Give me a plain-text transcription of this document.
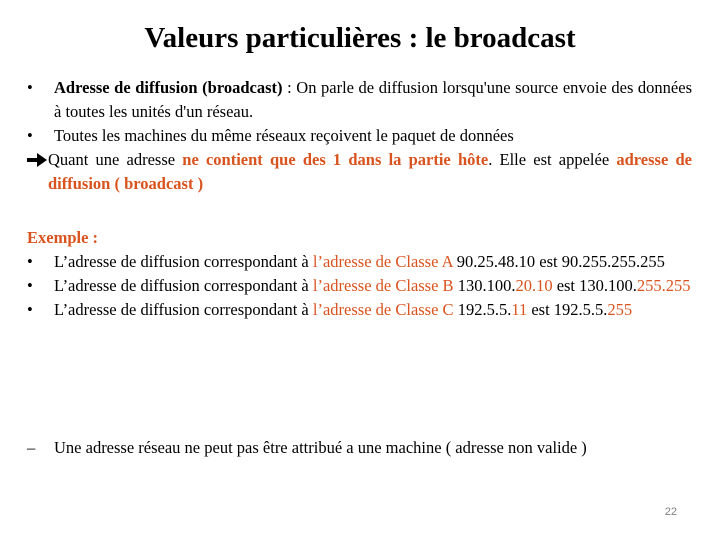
Valeurs particulières : le broadcast
•	Adresse de diffusion (broadcast) : On parle de diffusion lorsqu'une source envoie des données à toutes les unités d'un réseau.
•	Toutes les machines du même réseaux reçoivent le paquet de données
Quant une adresse ne contient que des 1 dans la partie hôte. Elle est appelée adresse de diffusion ( broadcast )
Exemple :
•	L’adresse de diffusion correspondant à l’adresse de Classe A 90.25.48.10 est 90.255.255.255
•	L’adresse de diffusion correspondant à l’adresse de Classe B 130.100.20.10 est 130.100.255.255
•	L’adresse de diffusion correspondant à l’adresse de Classe C 192.5.5.11 est 192.5.5.255
–	Une adresse réseau ne peut pas être attribué a une machine ( adresse non valide )
22
